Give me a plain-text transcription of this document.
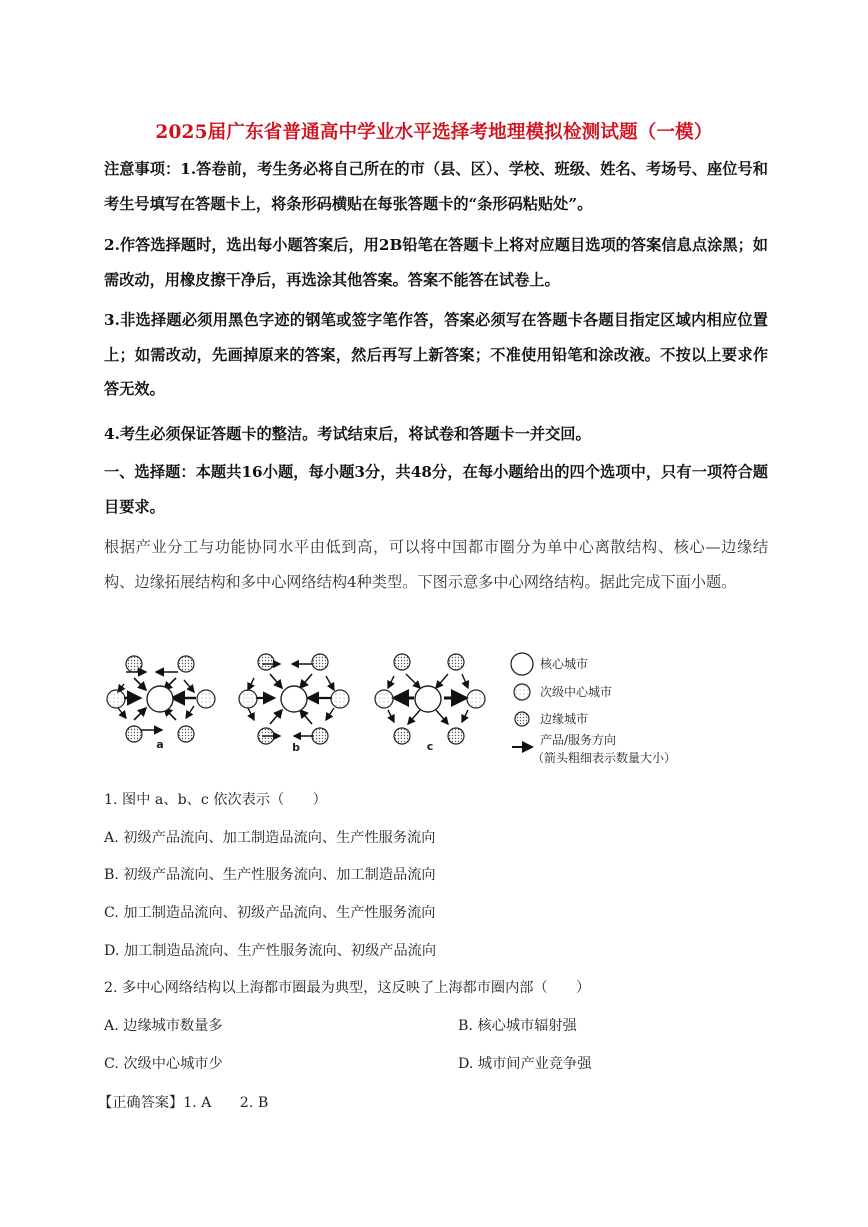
2025届广东省普通高中学业水平选择考地理模拟检测试题（一模）
注意事项：1.答卷前，考生务必将自己所在的市（县、区）、学校、班级、姓名、考场号、座位号和考生号填写在答题卡上，将条形码横贴在每张答题卡的“条形码粘贴处”。
2.作答选择题时，选出每小题答案后，用2B铅笔在答题卡上将对应题目选项的答案信息点涂黑；如需改动，用橡皮擦干净后，再选涂其他答案。答案不能答在试卷上。
3.非选择题必须用黑色字迹的钢笔或签字笔作答，答案必须写在答题卡各题目指定区域内相应位置上；如需改动，先画掉原来的答案，然后再写上新答案；不准使用铅笔和涂改液。不按以上要求作答无效。
4.考生必须保证答题卡的整洁。考试结束后，将试卷和答题卡一并交回。
一、选择题：本题共16小题，每小题3分，共48分，在每小题给出的四个选项中，只有一项符合题目要求。
根据产业分工与功能协同水平由低到高，可以将中国都市圈分为单中心离散结构、核心—边缘结构、边缘拓展结构和多中心网络结构4种类型。下图示意多中心网络结构。据此完成下面小题。
a	b	c
核心城市
次级中心城市
边缘城市
产品/服务方向
（箭头粗细表示数量大小）
1. 图中 a、b、c 依次表示（　　）
A. 初级产品流向、加工制造品流向、生产性服务流向
B. 初级产品流向、生产性服务流向、加工制造品流向
C. 加工制造品流向、初级产品流向、生产性服务流向
D. 加工制造品流向、生产性服务流向、初级产品流向
2. 多中心网络结构以上海都市圈最为典型，这反映了上海都市圈内部（　　）
A. 边缘城市数量多	B. 核心城市辐射强
C. 次级中心城市少	D. 城市间产业竞争强
【正确答案】1. A　　2. B
